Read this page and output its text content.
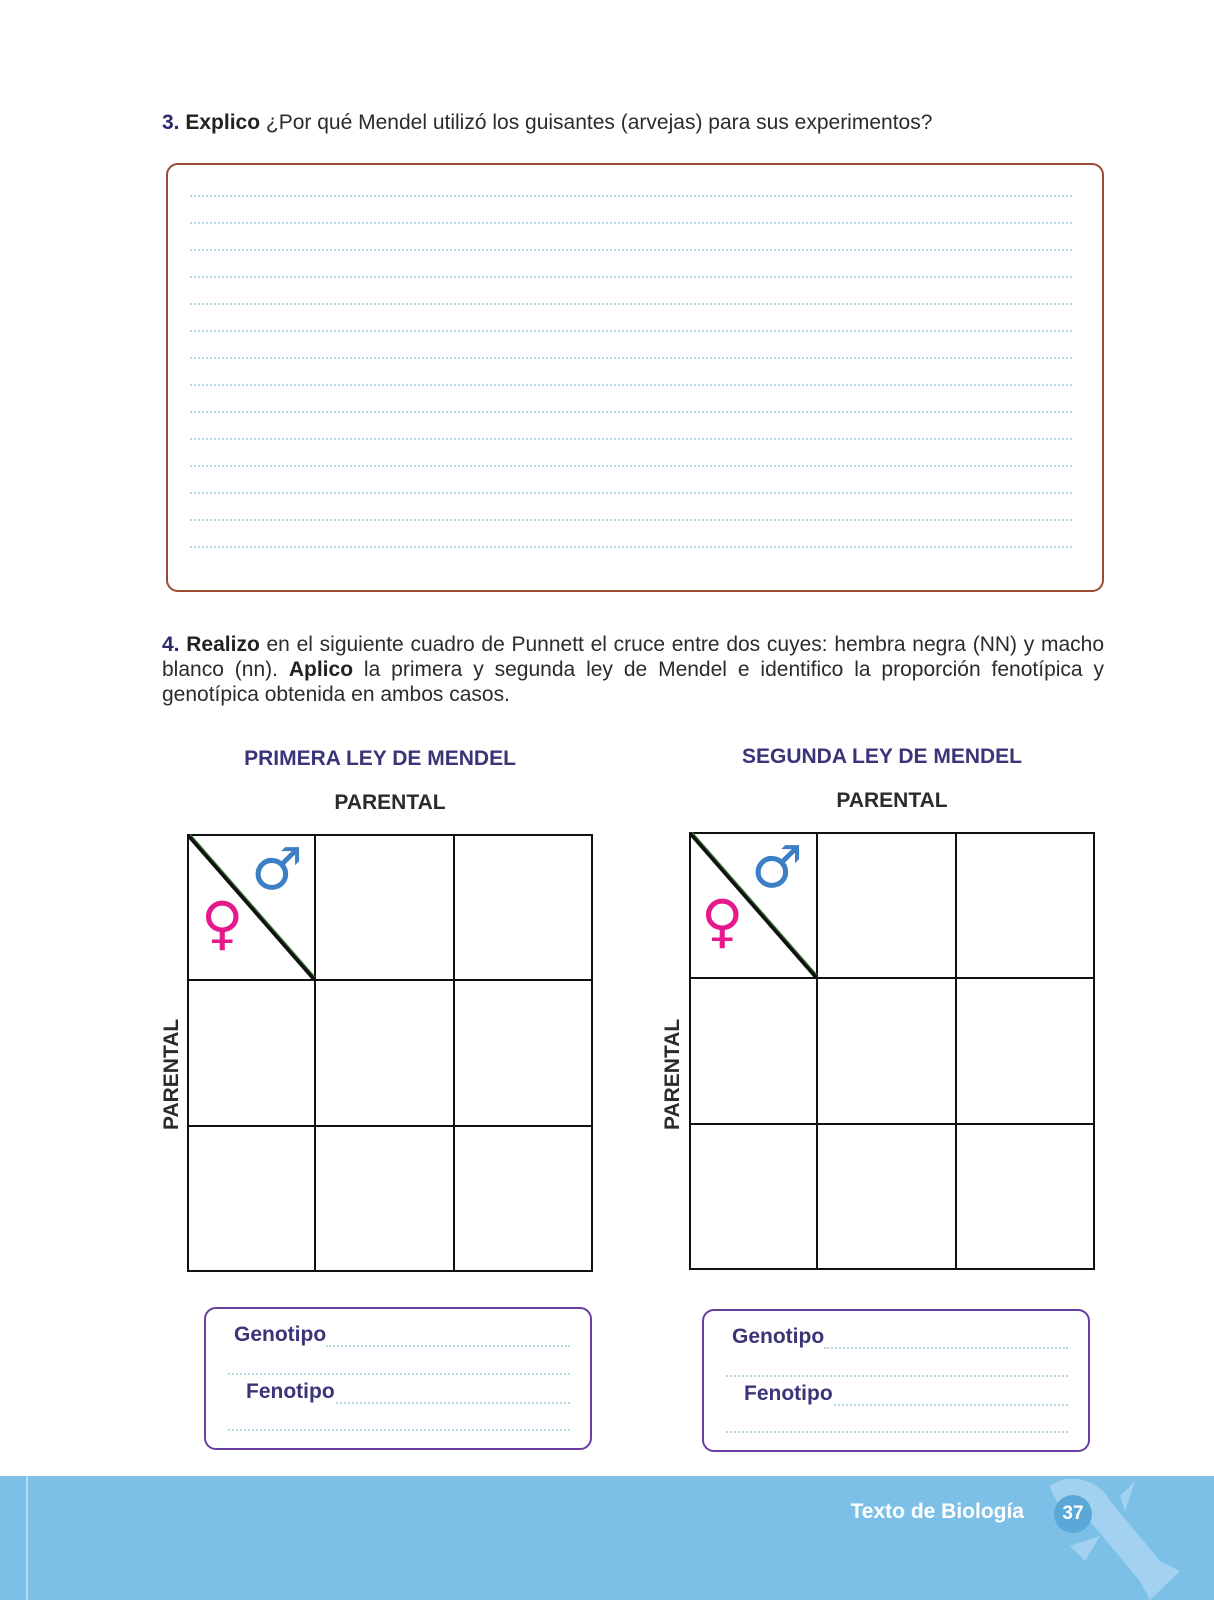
3. Explico ¿Por qué Mendel utilizó los guisantes (arvejas) para sus experimentos?
4. Realizo en el siguiente cuadro de Punnett el cruce entre dos cuyes: hembra negra (NN) y macho blanco (nn). Aplico la primera y segunda ley de Mendel e identifico la proporción fenotípica y genotípica obtenida en ambos casos.
PRIMERA LEY DE MENDEL
PARENTAL
PARENTAL
♀
♂
Genotipo
Fenotipo
SEGUNDA LEY DE MENDEL
PARENTAL
PARENTAL
♀
♂
Genotipo
Fenotipo
Texto de Biología	37
